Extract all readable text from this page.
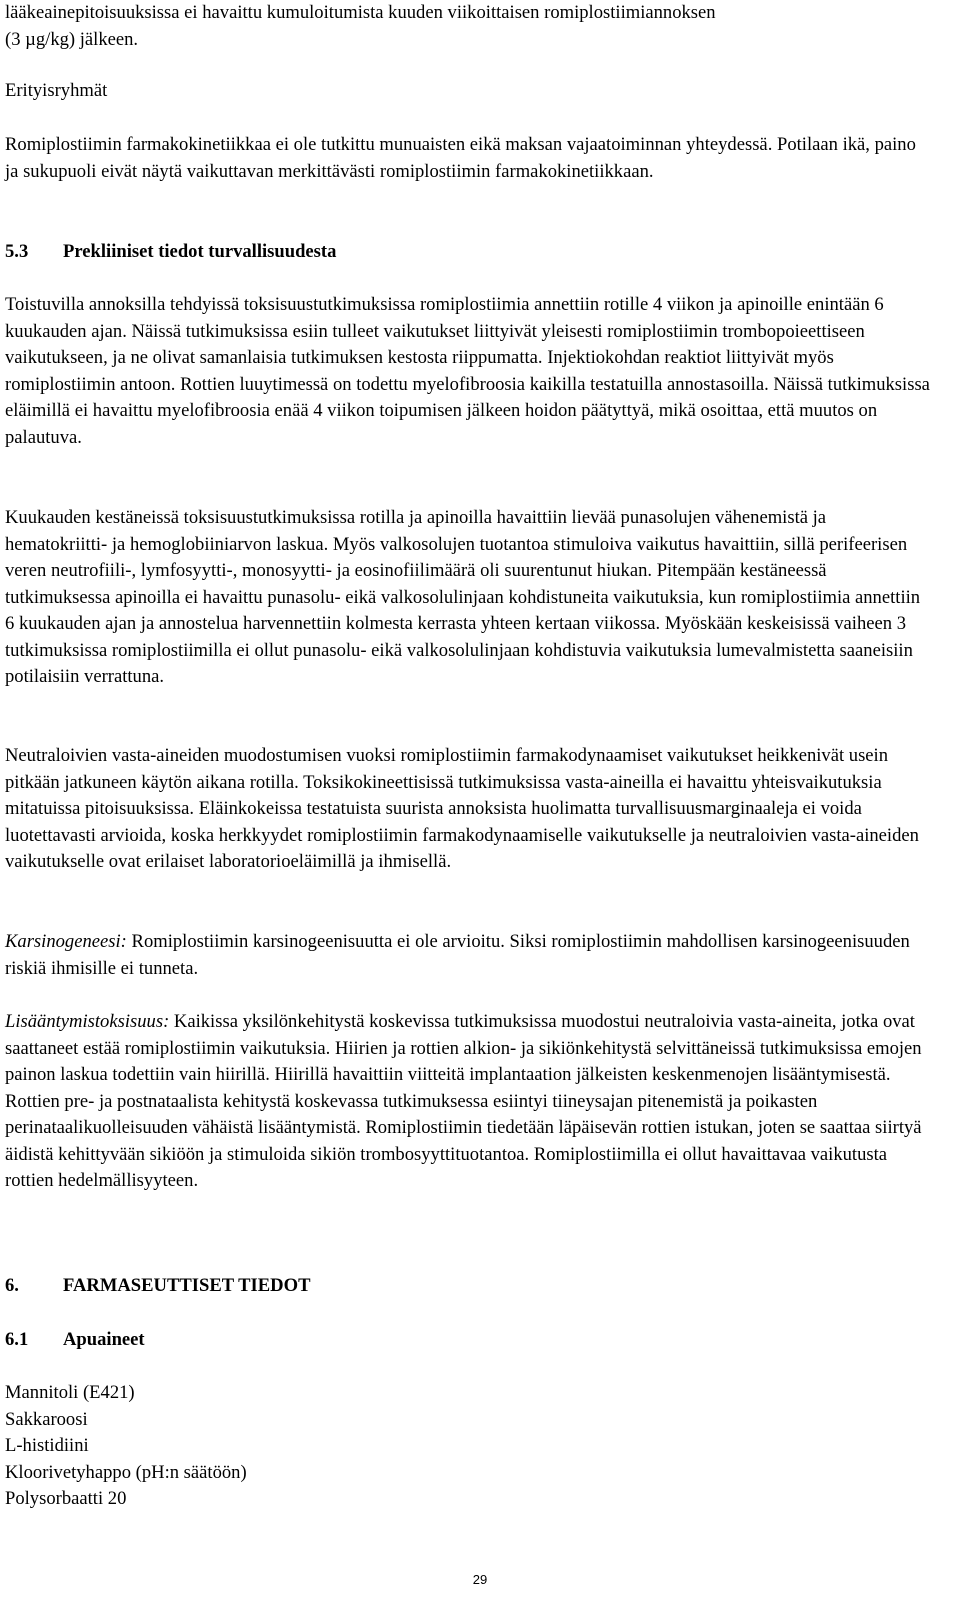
lääkeainepitoisuuksissa ei havaittu kumuloitumista kuuden viikoittaisen romiplostiimiannoksen

(3 µg/kg) jälkeen.

Erityisryhmät

Romiplostiimin farmakokinetiikkaa ei ole tutkittu munuaisten eikä maksan vajaatoiminnan yhteydessä. Potilaan ikä, paino ja sukupuoli eivät näytä vaikuttavan merkittävästi romiplostiimin farmakokinetiikkaan.

5.3 Prekliiniset tiedot turvallisuudesta

Toistuvilla annoksilla tehdyissä toksisuustutkimuksissa romiplostiimia annettiin rotille 4 viikon ja apinoille enintään 6 kuukauden ajan. Näissä tutkimuksissa esiin tulleet vaikutukset liittyivät yleisesti romiplostiimin trombopoieettiseen vaikutukseen, ja ne olivat samanlaisia tutkimuksen kestosta riippumatta. Injektiokohdan reaktiot liittyivät myös romiplostiimin antoon. Rottien luuytimessä on todettu myelofibroosia kaikilla testatuilla annostasoilla. Näissä tutkimuksissa eläimillä ei havaittu myelofibroosia enää 4 viikon toipumisen jälkeen hoidon päätyttyä, mikä osoittaa, että muutos on palautuva.

Kuukauden kestäneissä toksisuustutkimuksissa rotilla ja apinoilla havaittiin lievää punasolujen vähenemistä ja hematokriitti- ja hemoglobiiniarvon laskua. Myös valkosolujen tuotantoa stimuloiva vaikutus havaittiin, sillä perifeerisen veren neutrofiili-, lymfosyytti-, monosyytti- ja eosinofiilimäärä oli suurentunut hiukan. Pitempään kestäneessä tutkimuksessa apinoilla ei havaittu punasolu- eikä valkosolulinjaan kohdistuneita vaikutuksia, kun romiplostiimia annettiin 6 kuukauden ajan ja annostelua harvennettiin kolmesta kerrasta yhteen kertaan viikossa. Myöskään keskeisissä vaiheen 3 tutkimuksissa romiplostiimilla ei ollut punasolu- eikä valkosolulinjaan kohdistuvia vaikutuksia lumevalmistetta saaneisiin potilaisiin verrattuna.

Neutraloivien vasta-aineiden muodostumisen vuoksi romiplostiimin farmakodynaamiset vaikutukset heikkenivät usein pitkään jatkuneen käytön aikana rotilla. Toksikokineettisissä tutkimuksissa vasta-aineilla ei havaittu yhteisvaikutuksia mitatuissa pitoisuuksissa. Eläinkokeissa testatuista suurista annoksista huolimatta turvallisuusmarginaaleja ei voida luotettavasti arvioida, koska herkkyydet romiplostiimin farmakodynaamiselle vaikutukselle ja neutraloivien vasta-aineiden vaikutukselle ovat erilaiset laboratorioeläimillä ja ihmisellä.

Karsinogeneesi: Romiplostiimin karsinogeenisuutta ei ole arvioitu. Siksi romiplostiimin mahdollisen karsinogeenisuuden riskiä ihmisille ei tunneta.

Lisääntymistoksisuus: Kaikissa yksilönkehitystä koskevissa tutkimuksissa muodostui neutraloivia vasta-aineita, jotka ovat saattaneet estää romiplostiimin vaikutuksia. Hiirien ja rottien alkion- ja sikiönkehitystä selvittäneissä tutkimuksissa emojen painon laskua todettiin vain hiirillä. Hiirillä havaittiin viitteitä implantaation jälkeisten keskenmenojen lisääntymisestä. Rottien pre- ja postnataalista kehitystä koskevassa tutkimuksessa esiintyi tiineysajan pitenemistä ja poikasten perinataalikuolleisuuden vähäistä lisääntymistä. Romiplostiimin tiedetään läpäisevän rottien istukan, joten se saattaa siirtyä äidistä kehittyvään sikiöön ja stimuloida sikiön trombosyyttituotantoa. Romiplostiimilla ei ollut havaittavaa vaikutusta rottien hedelmällisyyteen.

6. FARMASEUTTISET TIEDOT
6.1 Apuaineet
Mannitoli (E421)
Sakkaroosi
L-histidiini
Kloorivetyhappo (pH:n säätöön)
Polysorbaatti 20
29
